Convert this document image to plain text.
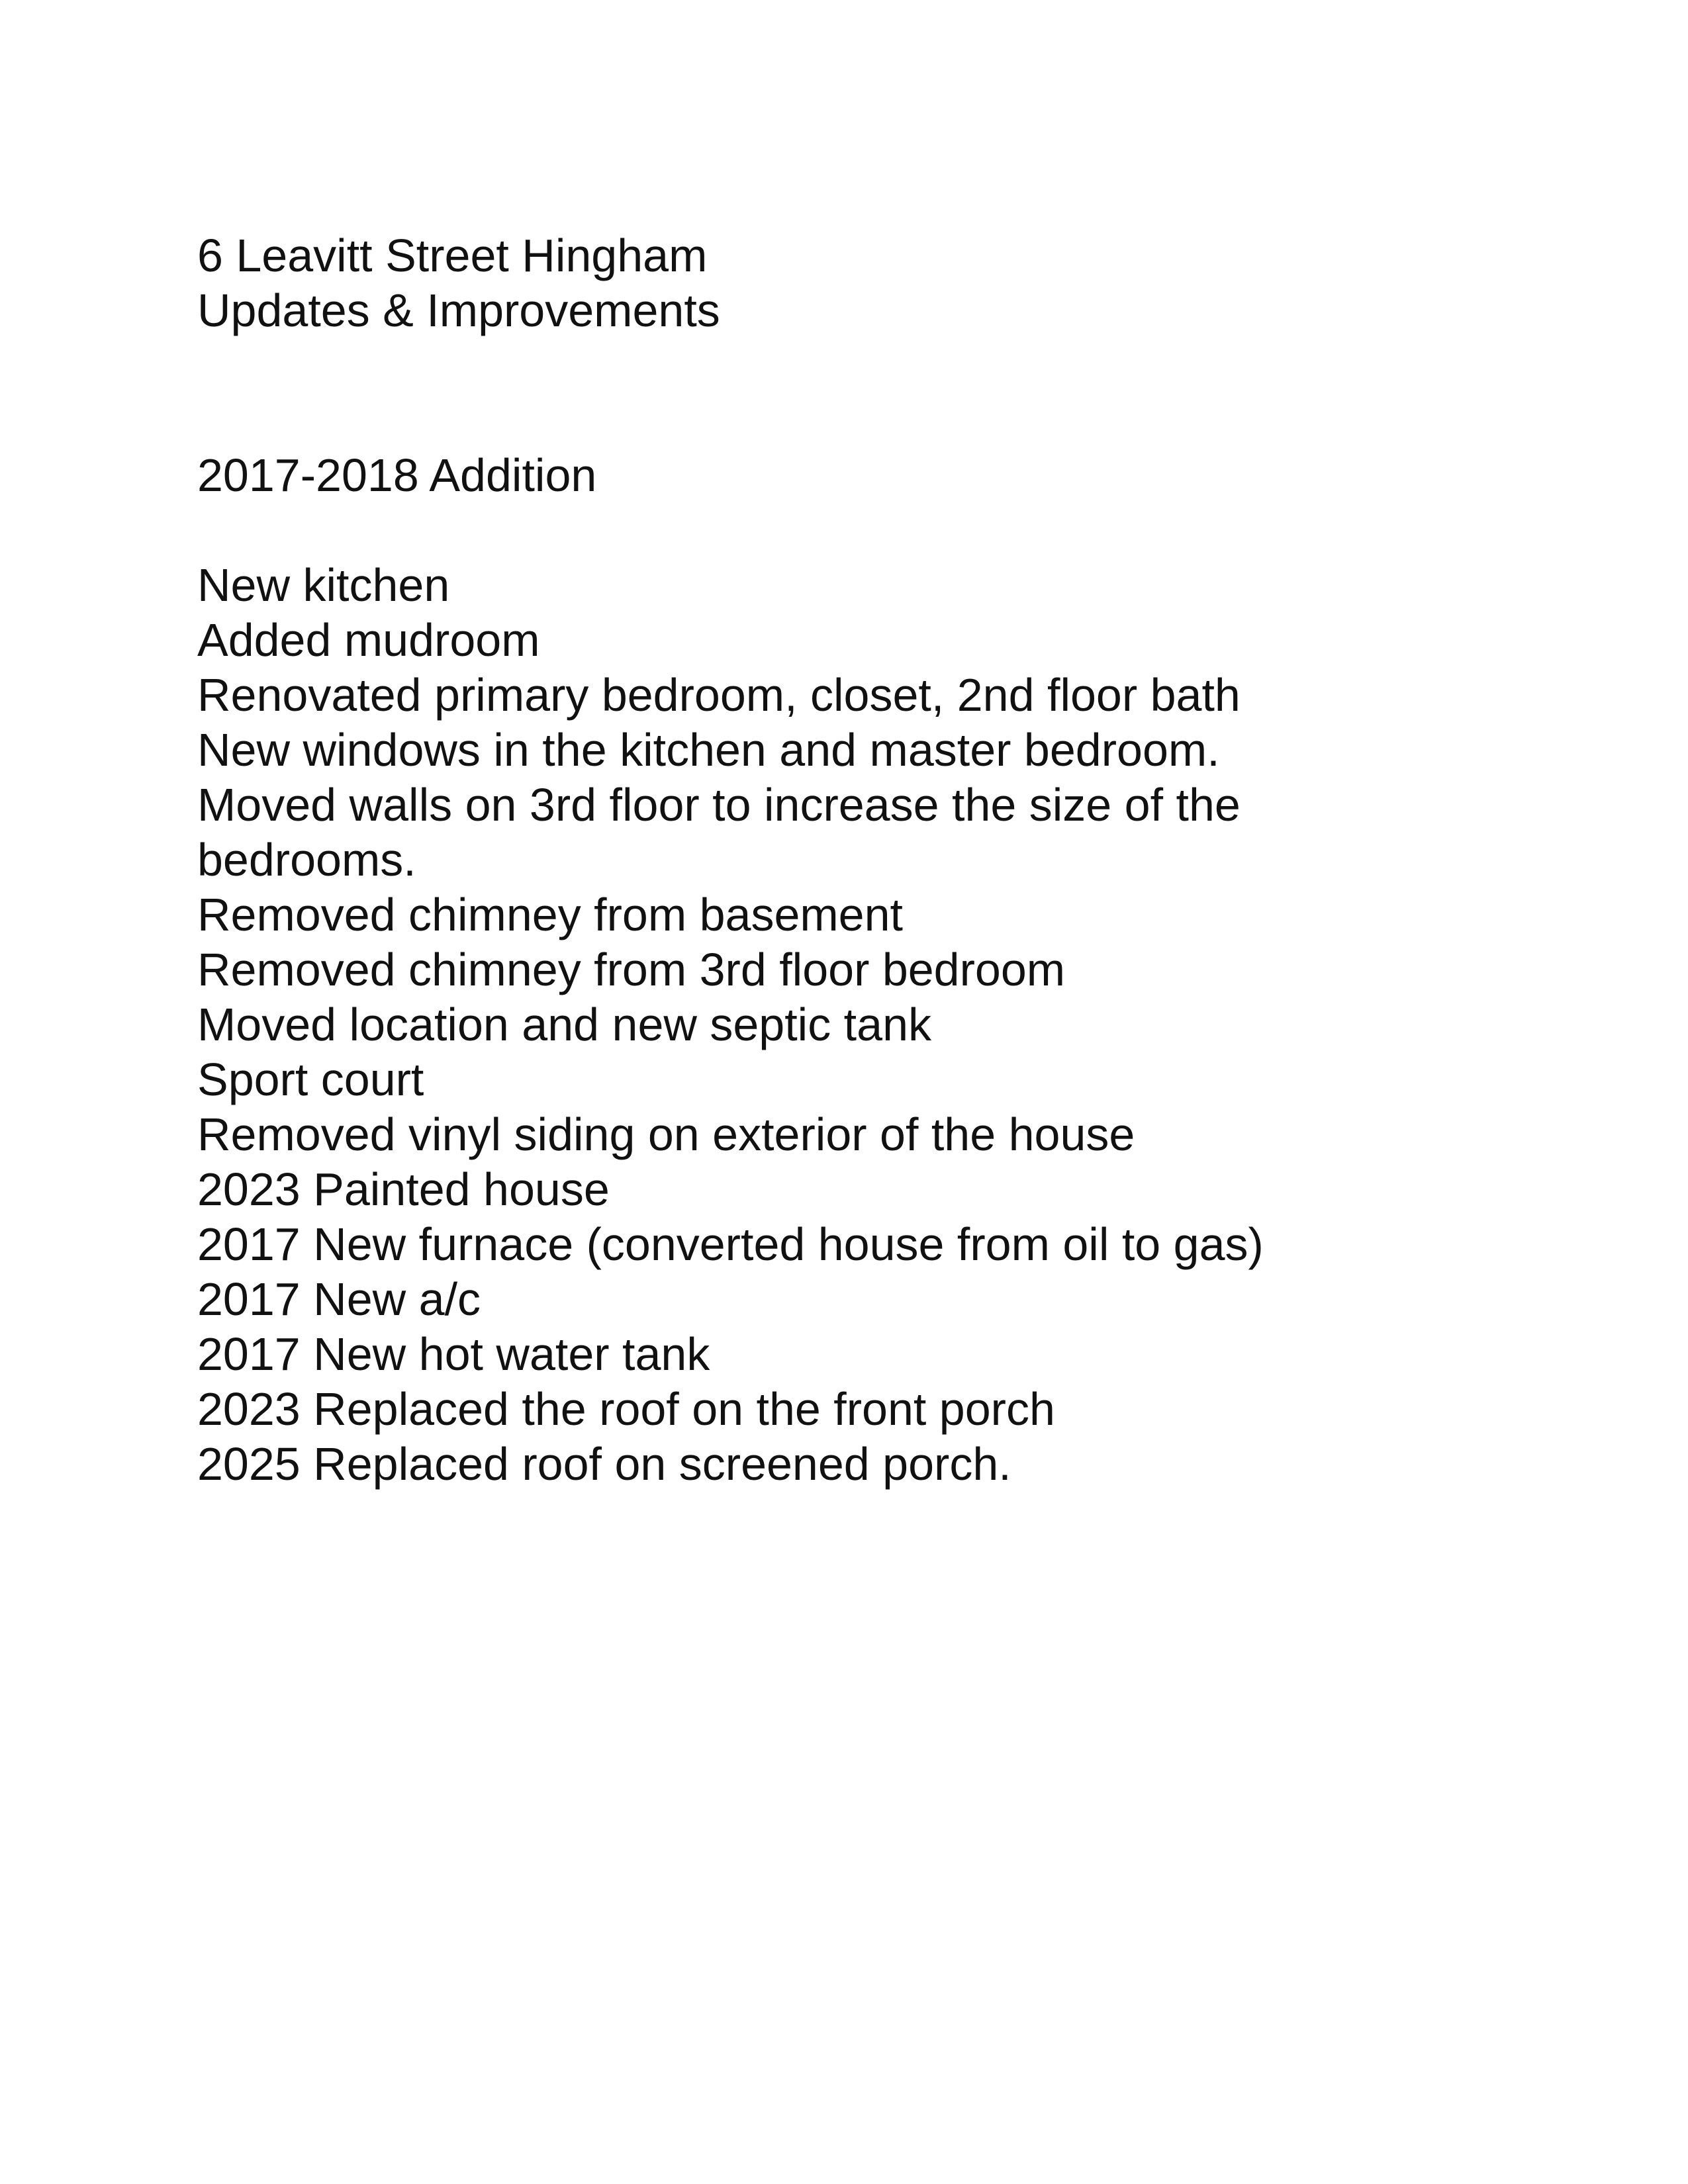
6 Leavitt Street Hingham
Updates & Improvements
2017-2018 Addition
New kitchen
Added mudroom
Renovated primary bedroom, closet, 2nd floor bath
New windows in the kitchen and master bedroom.
Moved walls on 3rd floor to increase the size of the
bedrooms.
Removed chimney from basement
Removed chimney from 3rd floor bedroom
Moved location and new septic tank
Sport court
Removed vinyl siding on exterior of the house
2023 Painted house
2017 New furnace (converted house from oil to gas)
2017 New a/c
2017 New hot water tank
2023 Replaced the roof on the front porch
2025 Replaced roof on screened porch.
